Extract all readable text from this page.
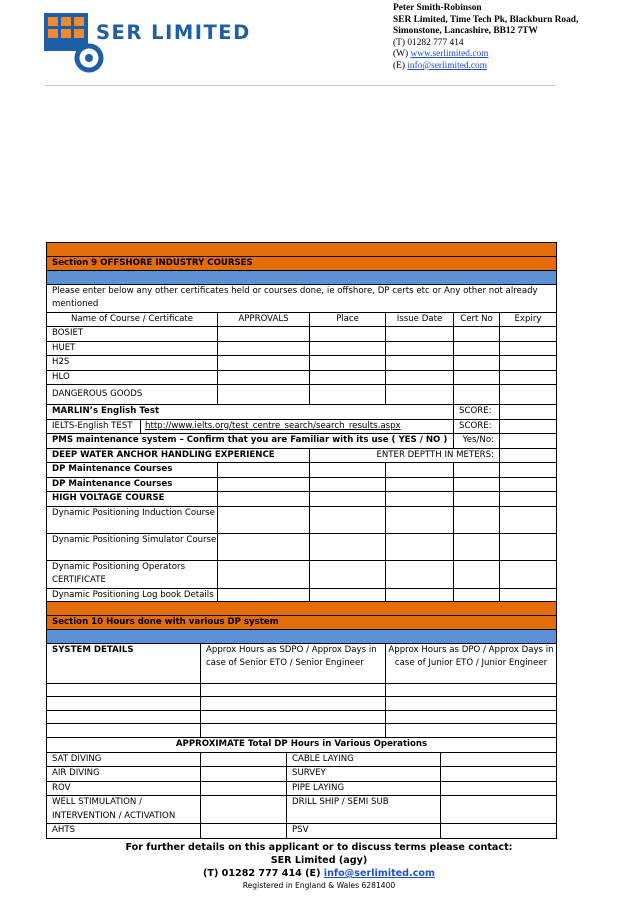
SER LIMITED
Peter Smith-Robinson
SER Limited, Time Tech Pk, Blackburn Road,
Simonstone, Lancashire, BB12 7TW
(T) 01282 777 414
(W) www.serlimited.com
(E) info@serlimited.com

Section 9 OFFSHORE INDUSTRY COURSES					

Please enter below any other certificates held or courses done, ie offshore, DP certs etc or Any other not already mentioned					
Name of Course / Certificate	APPROVALS	Place	Issue Date	Cert No	Expiry
BOSIET					
HUET					
H2S					
HLO					
DANGEROUS GOODS					
MARLIN’s English Test				SCORE:	
IELTS-English TEST http://www.ielts.org/test_centre_search/search_results.aspx				SCORE:	
PMS maintenance system – Confirm that you are Familiar with its use ( YES / NO )				Yes/No:	
DEEP WATER ANCHOR HANDLING EXPERIENCE		ENTER DEPTTH IN METERS:			
DP Maintenance Courses					
DP Maintenance Courses					
HIGH VOLTAGE COURSE					
Dynamic Positioning Induction Course					
Dynamic Positioning Simulator Course					
Dynamic Positioning Operators CERTIFICATE					
Dynamic Positioning Log book Details					

Section 10 Hours done with various DP system		

SYSTEM DETAILS	Approx Hours as SDPO / Approx Days in case of Senior ETO / Senior Engineer	Approx Hours as DPO / Approx Days in case of Junior ETO / Junior Engineer

APPROXIMATE Total DP Hours in Various Operations			
SAT DIVING		CABLE LAYING	
AIR DIVING		SURVEY	
ROV		PIPE LAYING	
WELL STIMULATION / INTERVENTION / ACTIVATION		DRILL SHIP / SEMI SUB	
AHTS		PSV	
For further details on this applicant or to discuss terms please contact:
SER Limited (agy)
(T) 01282 777 414 (E) info@serlimited.com
Registered in England & Wales 6281400
